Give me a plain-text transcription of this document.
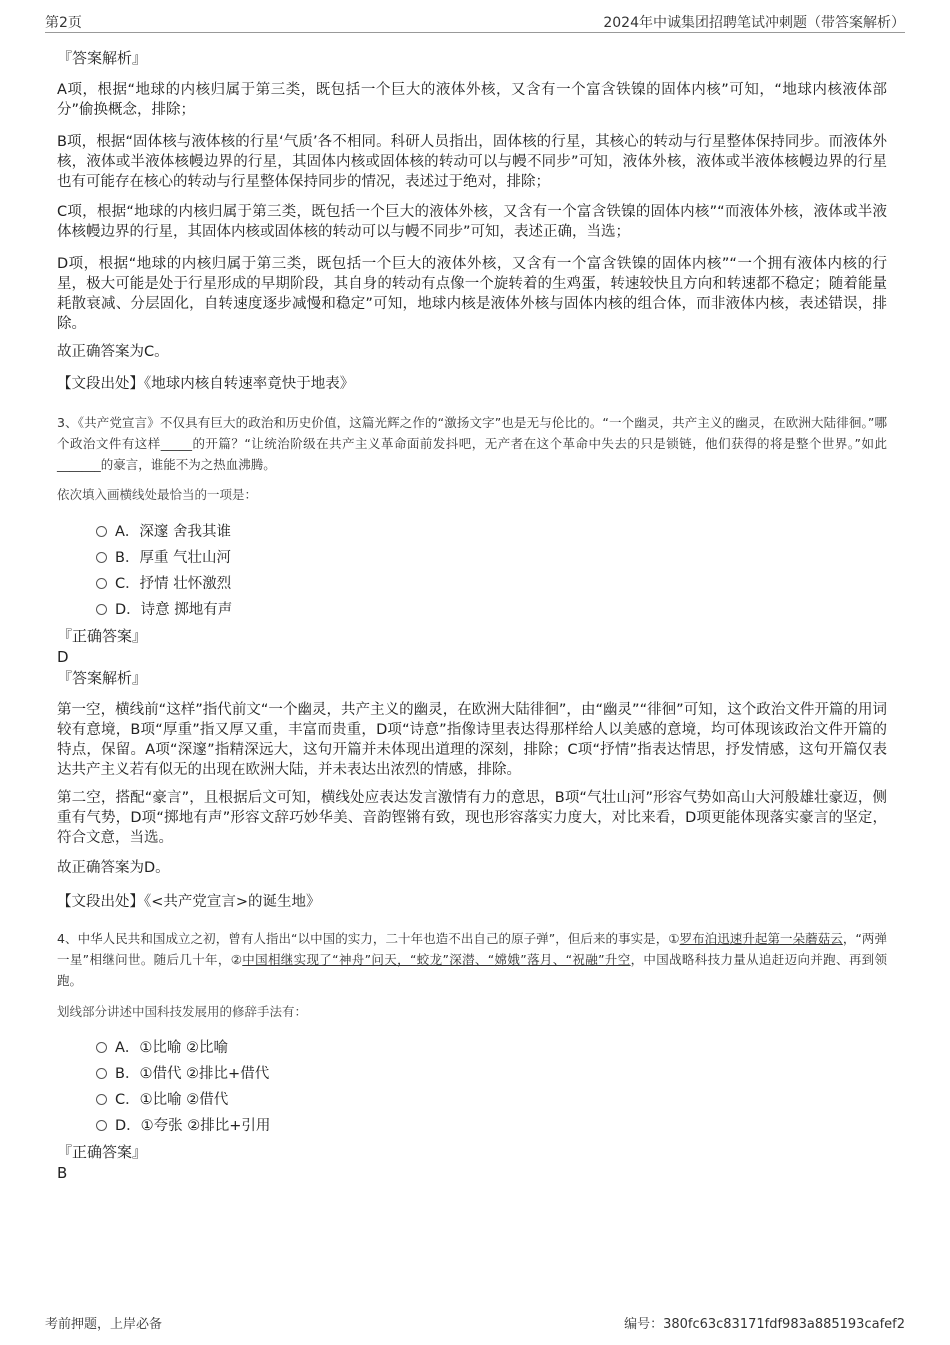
第2页	2024年中诚集团招聘笔试冲刺题（带答案解析）
『答案解析』
A项，根据“地球的内核归属于第三类，既包括一个巨大的液体外核，又含有一个富含铁镍的固体内核”可知，“地球内核液体部分”偷换概念，排除；
B项，根据“固体核与液体核的行星‘气质’各不相同。科研人员指出，固体核的行星，其核心的转动与行星整体保持同步。而液体外核，液体或半液体核幔边界的行星，其固体内核或固体核的转动可以与幔不同步”可知，液体外核，液体或半液体核幔边界的行星也有可能存在核心的转动与行星整体保持同步的情况，表述过于绝对，排除；
C项，根据“地球的内核归属于第三类，既包括一个巨大的液体外核，又含有一个富含铁镍的固体内核”“而液体外核，液体或半液体核幔边界的行星，其固体内核或固体核的转动可以与幔不同步”可知，表述正确，当选；
D项，根据“地球的内核归属于第三类，既包括一个巨大的液体外核，又含有一个富含铁镍的固体内核”“一个拥有液体内核的行星，极大可能是处于行星形成的早期阶段，其自身的转动有点像一个旋转着的生鸡蛋，转速较快且方向和转速都不稳定；随着能量耗散衰减、分层固化，自转速度逐步减慢和稳定”可知，地球内核是液体外核与固体内核的组合体，而非液体内核，表述错误，排除。
故正确答案为C。
【文段出处】《地球内核自转速率竟快于地表》
3、《共产党宣言》不仅具有巨大的政治和历史价值，这篇光辉之作的“激扬文字”也是无与伦比的。“一个幽灵，共产主义的幽灵，在欧洲大陆徘徊。”哪个政治文件有这样_____的开篇？“让统治阶级在共产主义革命面前发抖吧，无产者在这个革命中失去的只是锁链，他们获得的将是整个世界。”如此_______的豪言，谁能不为之热血沸腾。
依次填入画横线处最恰当的一项是：
A．深邃 舍我其谁
B．厚重 气壮山河
C．抒情 壮怀激烈
D．诗意 掷地有声
『正确答案』
D
『答案解析』
第一空，横线前“这样”指代前文“一个幽灵，共产主义的幽灵，在欧洲大陆徘徊”，由“幽灵”“徘徊”可知，这个政治文件开篇的用词较有意境，B项“厚重”指又厚又重，丰富而贵重，D项“诗意”指像诗里表达得那样给人以美感的意境，均可体现该政治文件开篇的特点，保留。A项“深邃”指精深远大，这句开篇并未体现出道理的深刻，排除；C项“抒情”指表达情思，抒发情感，这句开篇仅表达共产主义若有似无的出现在欧洲大陆，并未表达出浓烈的情感，排除。
第二空，搭配“豪言”，且根据后文可知，横线处应表达发言激情有力的意思，B项“气壮山河”形容气势如高山大河般雄壮豪迈，侧重有气势，D项“掷地有声”形容文辞巧妙华美、音韵铿锵有致，现也形容落实力度大，对比来看，D项更能体现落实豪言的坚定，符合文意，当选。
故正确答案为D。
【文段出处】《<共产党宣言>的诞生地》
4、中华人民共和国成立之初，曾有人指出“以中国的实力，二十年也造不出自己的原子弹”，但后来的事实是，①罗布泊迅速升起第一朵蘑菇云，“两弹一星”相继问世。随后几十年，②中国相继实现了“神舟”问天，“蛟龙”深潜、“嫦娥”落月、“祝融”升空，中国战略科技力量从追赶迈向并跑、再到领跑。
划线部分讲述中国科技发展用的修辞手法有：
A．①比喻 ②比喻
B．①借代 ②排比+借代
C．①比喻 ②借代
D．①夸张 ②排比+引用
『正确答案』
B
考前押题，上岸必备	编号：380fc63c83171fdf983a885193cafef2
